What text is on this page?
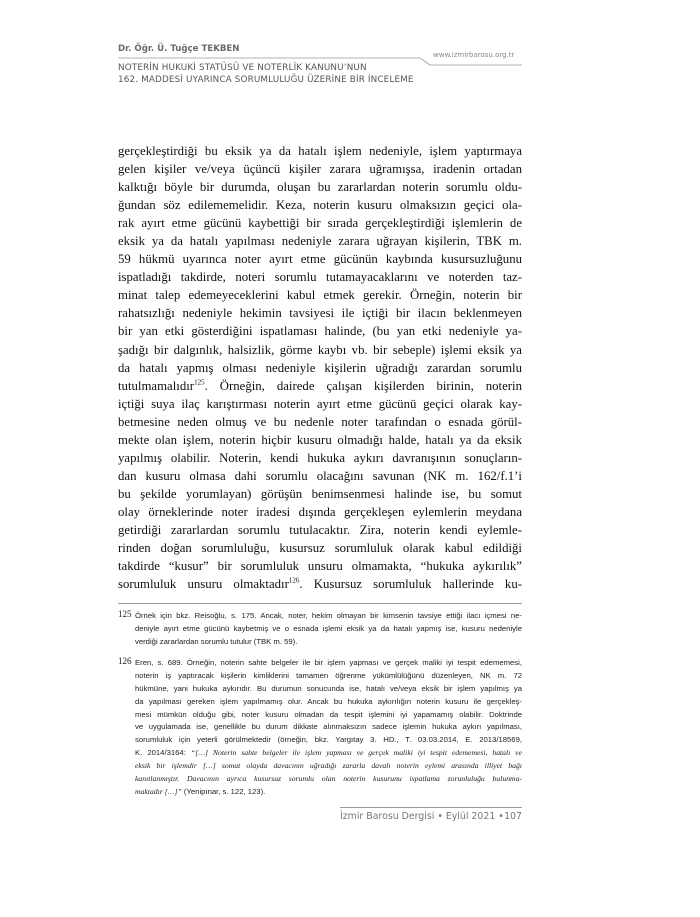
Dr. Öğr. Ü. Tuğçe TEKBEN
www.izmirbarosu.org.tr
NOTERİN HUKUKİ STATÜSÜ VE NOTERLİK KANUNU’NUN
162. MADDESİ UYARINCA SORUMLULUĞU ÜZERİNE BİR İNCELEME
gerçekleştirdiği bu eksik ya da hatalı işlem nedeniyle, işlem yaptırmaya
gelen kişiler ve/veya üçüncü kişiler zarara uğramışsa, iradenin ortadan
kalktığı böyle bir durumda, oluşan bu zararlardan noterin sorumlu oldu-
ğundan söz edilememelidir. Keza, noterin kusuru olmaksızın geçici ola-
rak ayırt etme gücünü kaybettiği bir sırada gerçekleştirdiği işlemlerin de
eksik ya da hatalı yapılması nedeniyle zarara uğrayan kişilerin, TBK m.
59 hükmü uyarınca noter ayırt etme gücünün kaybında kusursuzluğunu
ispatladığı takdirde, noteri sorumlu tutamayacaklarını ve noterden taz-
minat talep edemeyeceklerini kabul etmek gerekir. Örneğin, noterin bir
rahatsızlığı nedeniyle hekimin tavsiyesi ile içtiği bir ilacın beklenmeyen
bir yan etki gösterdiğini ispatlaması halinde, (bu yan etki nedeniyle ya-
şadığı bir dalgınlık, halsizlik, görme kaybı vb. bir sebeple) işlemi eksik ya
da hatalı yapmış olması nedeniyle kişilerin uğradığı zarardan sorumlu
tutulmamalıdır$^{125}$. Örneğin, dairede çalışan kişilerden birinin, noterin
içtiği suya ilaç karıştırması noterin ayırt etme gücünü geçici olarak kay-
betmesine neden olmuş ve bu nedenle noter tarafından o esnada görül-
mekte olan işlem, noterin hiçbir kusuru olmadığı halde, hatalı ya da eksik
yapılmış olabilir. Noterin, kendi hukuka aykırı davranışının sonuçların-
dan kusuru olmasa dahi sorumlu olacağını savunan (NK m. 162/f.1’i
bu şekilde yorumlayan) görüşün benimsenmesi halinde ise, bu somut
olay örneklerinde noter iradesi dışında gerçekleşen eylemlerin meydana
getirdiği zararlardan sorumlu tutulacaktır. Zira, noterin kendi eylemle-
rinden doğan sorumluluğu, kusursuz sorumluluk olarak kabul edildiği
takdirde “kusur” bir sorumluluk unsuru olmamakta, “hukuka aykırılık”
sorumluluk unsuru olmaktadır$^{126}$. Kusursuz sorumluluk hallerinde ku-
125 Örnek için bkz. Reisoğlu, s. 175. Ancak, noter, hekim olmayan bir kimsenin tavsiye ettiği ilacı içmesi ne-
deniyle ayırt etme gücünü kaybetmiş ve o esnada işlemi eksik ya da hatalı yapmış ise, kusuru nedeniyle
verdiği zararlardan sorumlu tutulur (TBK m. 59).
126 Eren, s. 689. Örneğin, noterin sahte belgeler ile bir işlem yapması ve gerçek maliki iyi tespit edememesi,
noterin iş yaptıracak kişilerin kimliklerini tamamen öğrenme yükümlülüğünü düzenleyen, NK m. 72
hükmüne, yani hukuka aykırıdır. Bu durumun sonucunda ise, hatalı ve/veya eksik bir işlem yapılmış ya
da yapılması gereken işlem yapılmamış olur. Ancak bu hukuka aykırılığın noterin kusuru ile gerçekleş-
mesi mümkün olduğu gibi, noter kusuru olmadan da tespit işlemini iyi yapamamış olabilir. Doktrinde
ve uygulamada ise, genellikle bu durum dikkate alınmaksızın sadece işlemin hukuka aykırı yapılması,
sorumluluk için yeterli görülmektedir (örneğin, bkz. Yargıtay 3. HD., T. 03.03.2014, E. 2013/18569,
K. 2014/3164: “[…] Noterin sahte belgeler ile işlem yapması ve gerçek maliki iyi tespit edememesi, hatalı ve
eksik bir işlemdir […] somut olayda davacının uğradığı zararla davalı noterin eylemi arasında illiyet bağı
kanıtlanmıştır. Davacının ayrıca kusursuz sorumlu olan noterin kusurunu ispatlama zorunluluğu bulunma-
maktadır […]” (Yenipınar, s. 122, 123).
İzmir Barosu Dergisi • Eylül 2021 • 107
